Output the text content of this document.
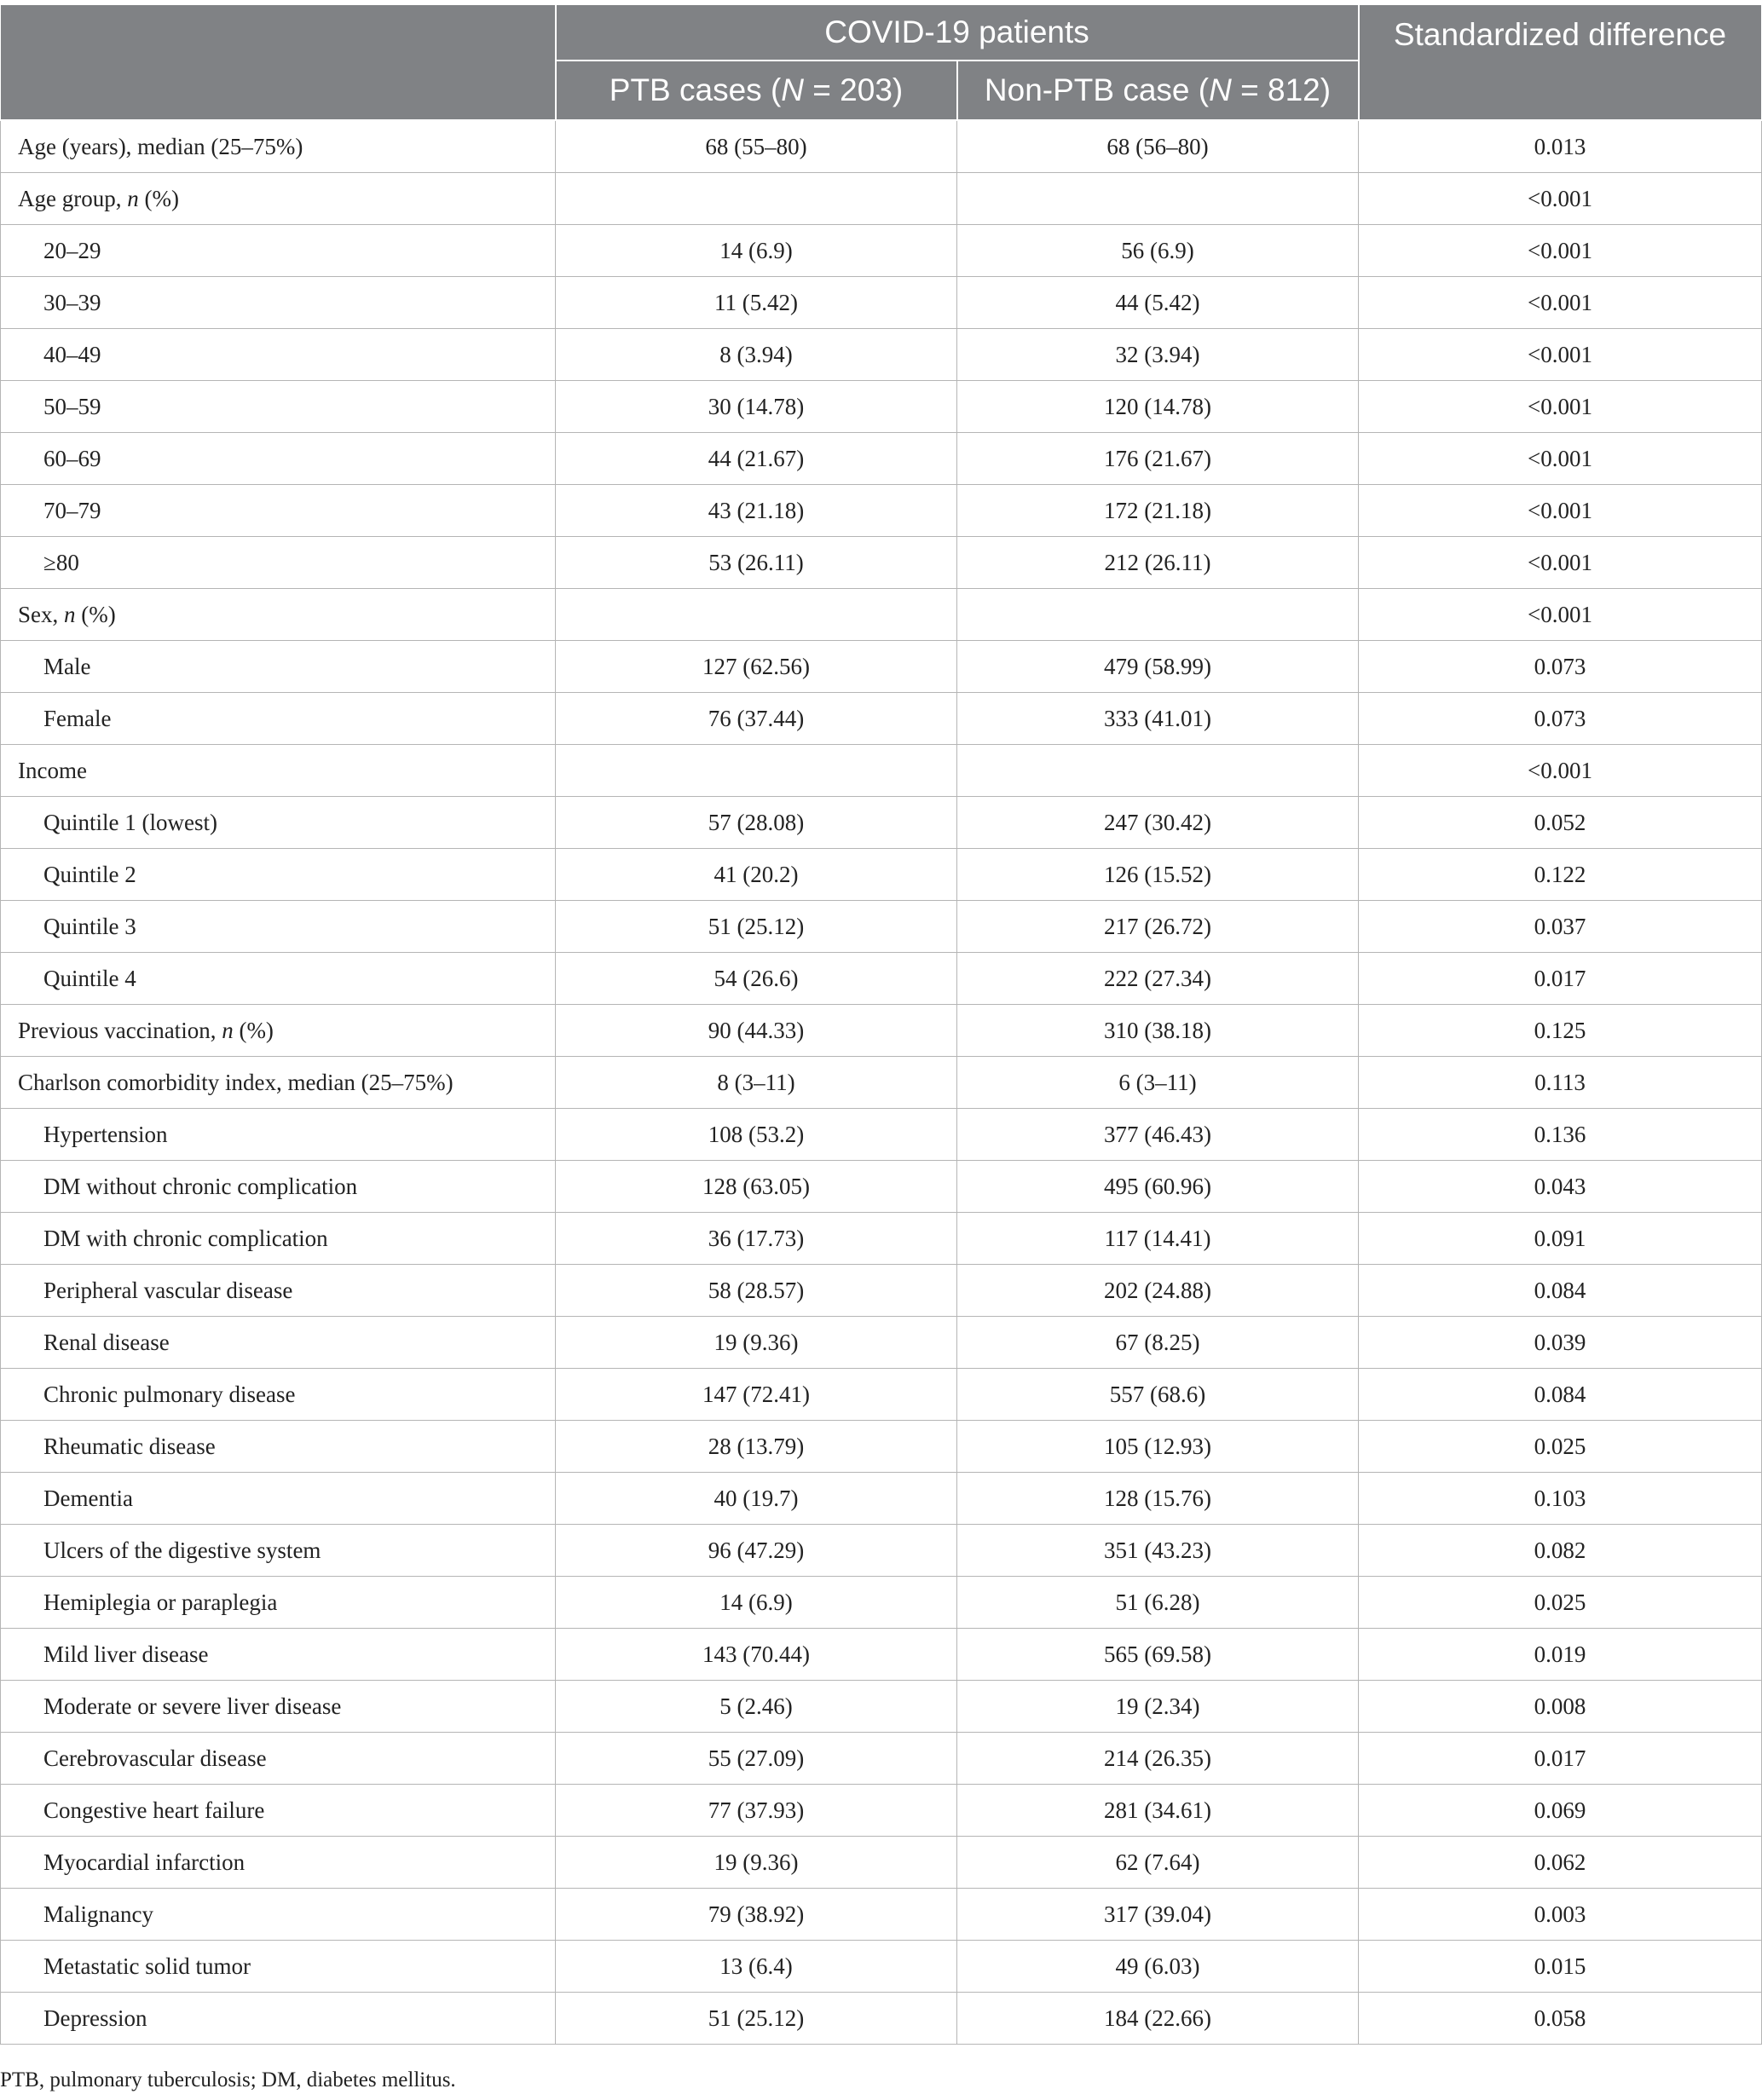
	COVID-19 patients		Standardized difference
	PTB cases (N = 203)	Non-PTB case (N = 812)	
Age (years), median (25–75%)	68 (55–80)	68 (56–80)	0.013
Age group, n (%)			<0.001
20–29	14 (6.9)	56 (6.9)	<0.001
30–39	11 (5.42)	44 (5.42)	<0.001
40–49	8 (3.94)	32 (3.94)	<0.001
50–59	30 (14.78)	120 (14.78)	<0.001
60–69	44 (21.67)	176 (21.67)	<0.001
70–79	43 (21.18)	172 (21.18)	<0.001
≥80	53 (26.11)	212 (26.11)	<0.001
Sex, n (%)			<0.001
Male	127 (62.56)	479 (58.99)	0.073
Female	76 (37.44)	333 (41.01)	0.073
Income			<0.001
Quintile 1 (lowest)	57 (28.08)	247 (30.42)	0.052
Quintile 2	41 (20.2)	126 (15.52)	0.122
Quintile 3	51 (25.12)	217 (26.72)	0.037
Quintile 4	54 (26.6)	222 (27.34)	0.017
Previous vaccination, n (%)	90 (44.33)	310 (38.18)	0.125
Charlson comorbidity index, median (25–75%)	8 (3–11)	6 (3–11)	0.113
Hypertension	108 (53.2)	377 (46.43)	0.136
DM without chronic complication	128 (63.05)	495 (60.96)	0.043
DM with chronic complication	36 (17.73)	117 (14.41)	0.091
Peripheral vascular disease	58 (28.57)	202 (24.88)	0.084
Renal disease	19 (9.36)	67 (8.25)	0.039
Chronic pulmonary disease	147 (72.41)	557 (68.6)	0.084
Rheumatic disease	28 (13.79)	105 (12.93)	0.025
Dementia	40 (19.7)	128 (15.76)	0.103
Ulcers of the digestive system	96 (47.29)	351 (43.23)	0.082
Hemiplegia or paraplegia	14 (6.9)	51 (6.28)	0.025
Mild liver disease	143 (70.44)	565 (69.58)	0.019
Moderate or severe liver disease	5 (2.46)	19 (2.34)	0.008
Cerebrovascular disease	55 (27.09)	214 (26.35)	0.017
Congestive heart failure	77 (37.93)	281 (34.61)	0.069
Myocardial infarction	19 (9.36)	62 (7.64)	0.062
Malignancy	79 (38.92)	317 (39.04)	0.003
Metastatic solid tumor	13 (6.4)	49 (6.03)	0.015
Depression	51 (25.12)	184 (22.66)	0.058
PTB, pulmonary tuberculosis; DM, diabetes mellitus.
